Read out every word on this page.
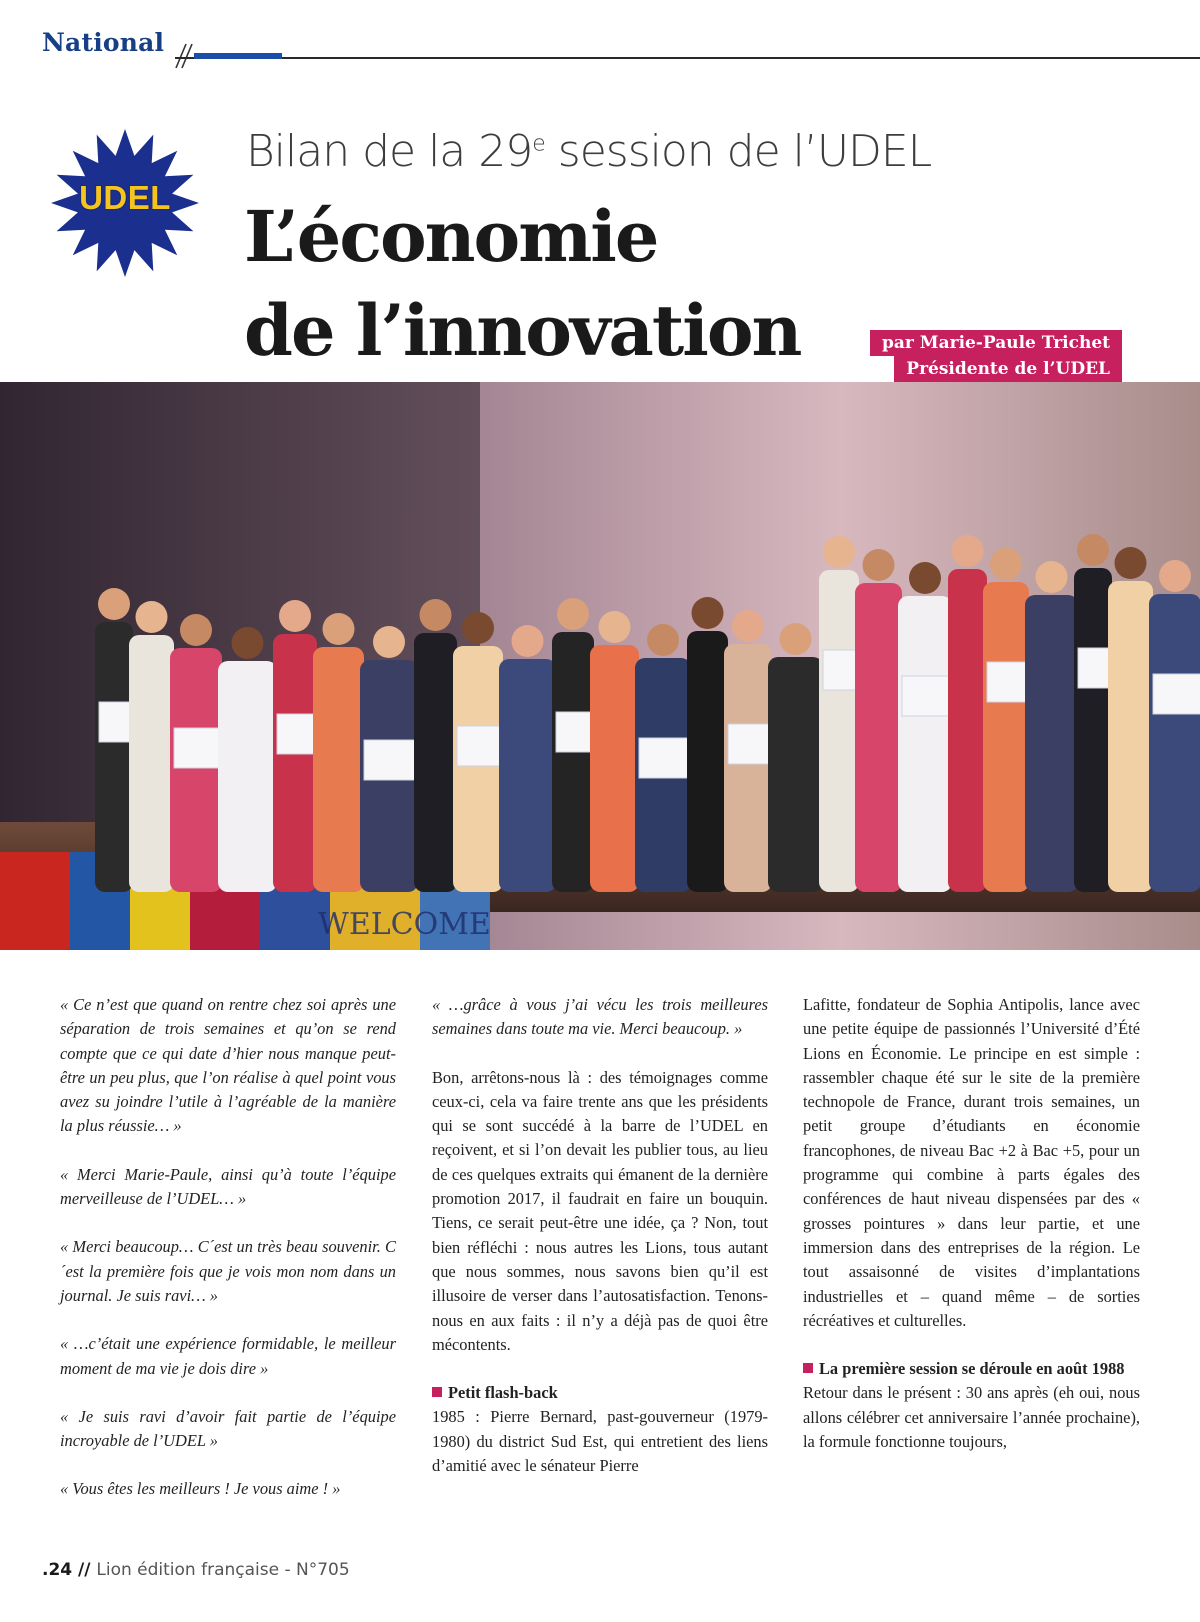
National
UDEL
Bilan de la 29e session de l’UDEL
L’économie
de l’innovation	par Marie-Paule Trichet
Présidente de l’UDEL

WELCOME

« Ce n’est que quand on rentre chez soi après une séparation de trois semaines et qu’on se rend compte que ce qui date d’hier nous manque peut-être un peu plus, que l’on réalise à quel point vous avez su joindre l’utile à l’agréable de la manière la plus réussie… »

« Merci Marie-Paule, ainsi qu’à toute l’équipe merveilleuse de l’UDEL… »

« Merci beaucoup… C´est un très beau souvenir. C´est la première fois que je vois mon nom dans un journal. Je suis ravi… »

« …c’était une expérience formidable, le meilleur moment de ma vie je dois dire »

« Je suis ravi d’avoir fait partie de l’équipe incroyable de l’UDEL »

« Vous êtes les meilleurs ! Je vous aime ! »

« …grâce à vous j’ai vécu les trois meilleures semaines dans toute ma vie. Merci beaucoup. »

Bon, arrêtons-nous là : des témoignages comme ceux-ci, cela va faire trente ans que les présidents qui se sont succédé à la barre de l’UDEL en reçoivent, et si l’on devait les publier tous, au lieu de ces quelques extraits qui émanent de la dernière promotion 2017, il faudrait en faire un bouquin. Tiens, ce serait peut-être une idée, ça ? Non, tout bien réfléchi : nous autres les Lions, tous autant que nous sommes, nous savons bien qu’il est illusoire de verser dans l’autosatisfaction. Tenons-nous en aux faits : il n’y a déjà pas de quoi être mécontents.

Petit flash-back

1985 : Pierre Bernard, past-gouverneur (1979-1980) du district Sud Est, qui entretient des liens d’amitié avec le sénateur Pierre

Lafitte, fondateur de Sophia Antipolis, lance avec une petite équipe de passionnés l’Université d’Été Lions en Économie. Le principe en est simple : rassembler chaque été sur le site de la première technopole de France, durant trois semaines, un petit groupe d’étudiants en économie francophones, de niveau Bac +2 à Bac +5, pour un programme qui combine à parts égales des conférences de haut niveau dispensées par des « grosses pointures » dans leur partie, et une immersion dans des entreprises de la région. Le tout assaisonné de visites d’implantations industrielles et – quand même – de sorties récréatives et culturelles.

La première session se déroule en août 1988

Retour dans le présent : 30 ans après (eh oui, nous allons célébrer cet anniversaire l’année prochaine), la formule fonctionne toujours,

.24 // Lion édition française - N°705
